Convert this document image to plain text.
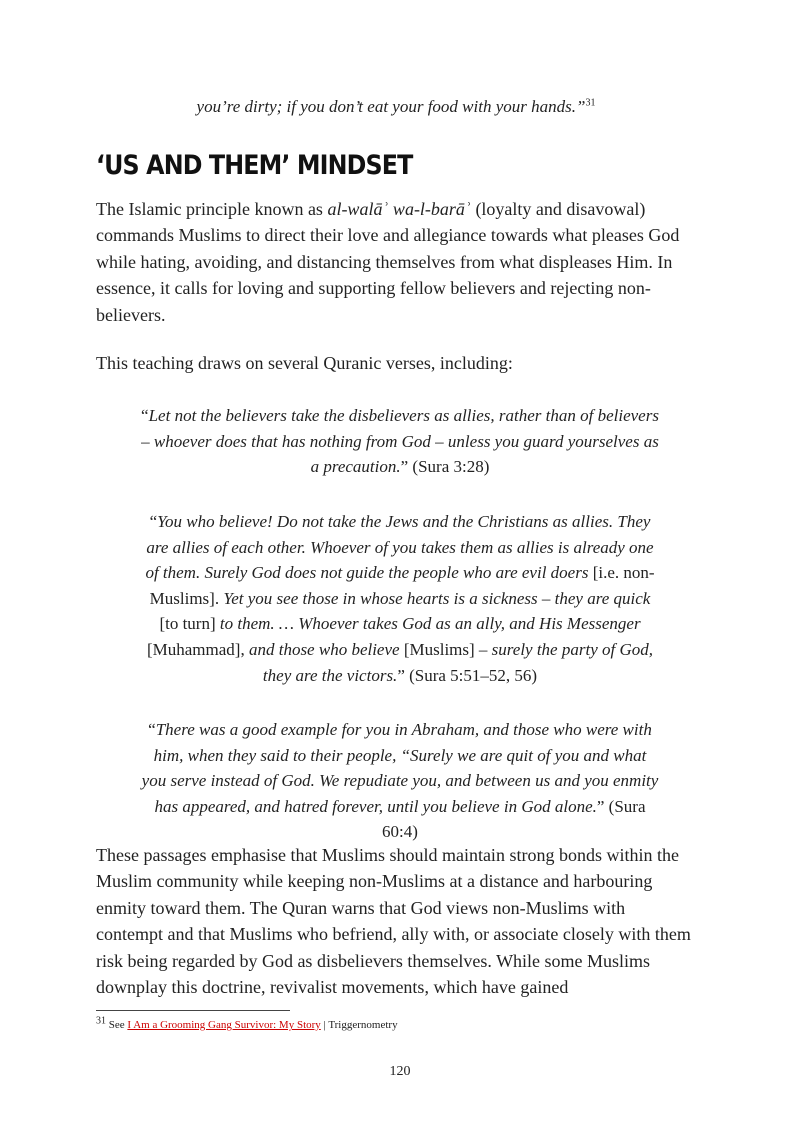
you’re dirty; if you don’t eat your food with your hands.”$^{31}$
‘US AND THEM’ MINDSET

The Islamic principle known as al-walāʾ wa-l-barāʾ (loyalty and disavowal) commands Muslims to direct their love and allegiance towards what pleases God while hating, avoiding, and distancing themselves from what displeases Him. In essence, it calls for loving and supporting fellow believers and rejecting non-believers.

This teaching draws on several Quranic verses, including:

“Let not the believers take the disbelievers as allies, rather than of believers – whoever does that has nothing from God – unless you guard yourselves as a precaution.” (Sura 3:28)

“You who believe! Do not take the Jews and the Christians as allies. They are allies of each other. Whoever of you takes them as allies is already one of them. Surely God does not guide the people who are evil doers [i.e. non-Muslims]. Yet you see those in whose hearts is a sickness – they are quick [to turn] to them. … Whoever takes God as an ally, and His Messenger [Muhammad], and those who believe [Muslims] – surely the party of God, they are the victors.” (Sura 5:51–52, 56)

“There was a good example for you in Abraham, and those who were with him, when they said to their people, “Surely we are quit of you and what you serve instead of God. We repudiate you, and between us and you enmity has appeared, and hatred forever, until you believe in God alone.” (Sura 60:4)

These passages emphasise that Muslims should maintain strong bonds within the Muslim community while keeping non-Muslims at a distance and harbouring enmity toward them. The Quran warns that God views non-Muslims with contempt and that Muslims who befriend, ally with, or associate closely with them risk being regarded by God as disbelievers themselves. While some Muslims downplay this doctrine, revivalist movements, which have gained

$^{31}$ See I Am a Grooming Gang Survivor: My Story | Triggernometry
120
